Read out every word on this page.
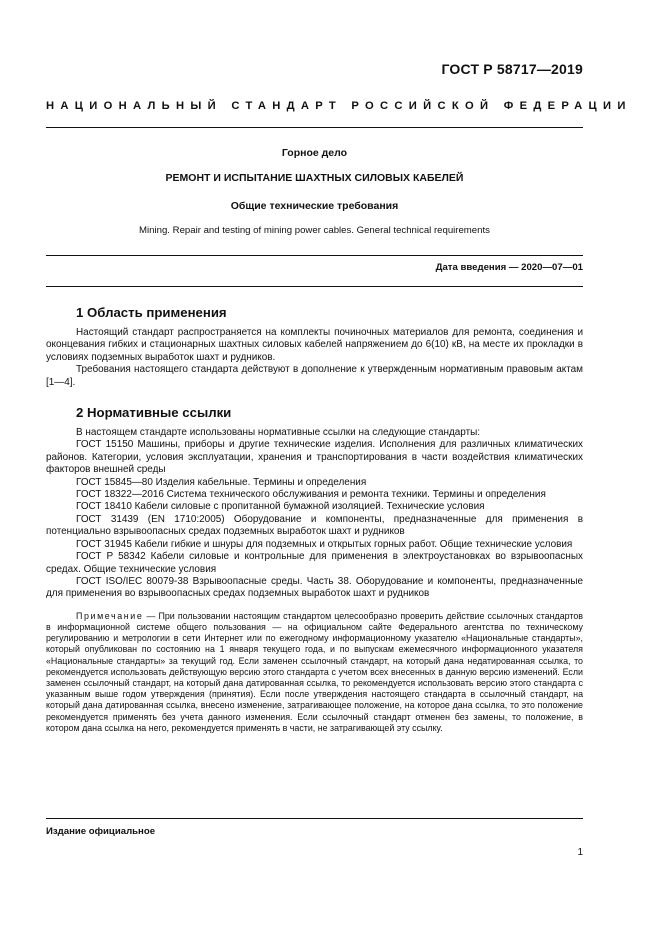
ГОСТ Р 58717—2019
НАЦИОНАЛЬНЫЙ СТАНДАРТ РОССИЙСКОЙ ФЕДЕРАЦИИ
Горное дело
РЕМОНТ И ИСПЫТАНИЕ ШАХТНЫХ СИЛОВЫХ КАБЕЛЕЙ
Общие технические требования
Mining. Repair and testing of mining power cables. General technical requirements
Дата введения — 2020—07—01
1 Область применения

Настоящий стандарт распространяется на комплекты починочных материалов для ремонта, соединения и оконцевания гибких и стационарных шахтных силовых кабелей напряжением до 6(10) кВ, на месте их прокладки в условиях подземных выработок шахт и рудников.

Требования настоящего стандарта действуют в дополнение к утвержденным нормативным правовым актам [1—4].

2 Нормативные ссылки

В настоящем стандарте использованы нормативные ссылки на следующие стандарты:

ГОСТ 15150 Машины, приборы и другие технические изделия. Исполнения для различных климатических районов. Категории, условия эксплуатации, хранения и транспортирования в части воздействия климатических факторов внешней среды

ГОСТ 15845—80 Изделия кабельные. Термины и определения

ГОСТ 18322—2016 Система технического обслуживания и ремонта техники. Термины и определения

ГОСТ 18410 Кабели силовые с пропитанной бумажной изоляцией. Технические условия

ГОСТ 31439 (EN 1710:2005) Оборудование и компоненты, предназначенные для применения в потенциально взрывоопасных средах подземных выработок шахт и рудников

ГОСТ 31945 Кабели гибкие и шнуры для подземных и открытых горных работ. Общие технические условия

ГОСТ Р 58342 Кабели силовые и контрольные для применения в электроустановках во взрывоопасных средах. Общие технические условия

ГОСТ ISO/IEC 80079-38 Взрывоопасные среды. Часть 38. Оборудование и компоненты, предназначенные для применения во взрывоопасных средах подземных выработок шахт и рудников

Примечание — При пользовании настоящим стандартом целесообразно проверить действие ссылочных стандартов в информационной системе общего пользования — на официальном сайте Федерального агентства по техническому регулированию и метрологии в сети Интернет или по ежегодному информационному указателю «Национальные стандарты», который опубликован по состоянию на 1 января текущего года, и по выпускам ежемесячного информационного указателя «Национальные стандарты» за текущий год. Если заменен ссылочный стандарт, на который дана недатированная ссылка, то рекомендуется использовать действующую версию этого стандарта с учетом всех внесенных в данную версию изменений. Если заменен ссылочный стандарт, на который дана датированная ссылка, то рекомендуется использовать версию этого стандарта с указанным выше годом утверждения (принятия). Если после утверждения настоящего стандарта в ссылочный стандарт, на который дана датированная ссылка, внесено изменение, затрагивающее положение, на которое дана ссылка, то это положение рекомендуется применять без учета данного изменения. Если ссылочный стандарт отменен без замены, то положение, в котором дана ссылка на него, рекомендуется применять в части, не затрагивающей эту ссылку.
Издание официальное
1
